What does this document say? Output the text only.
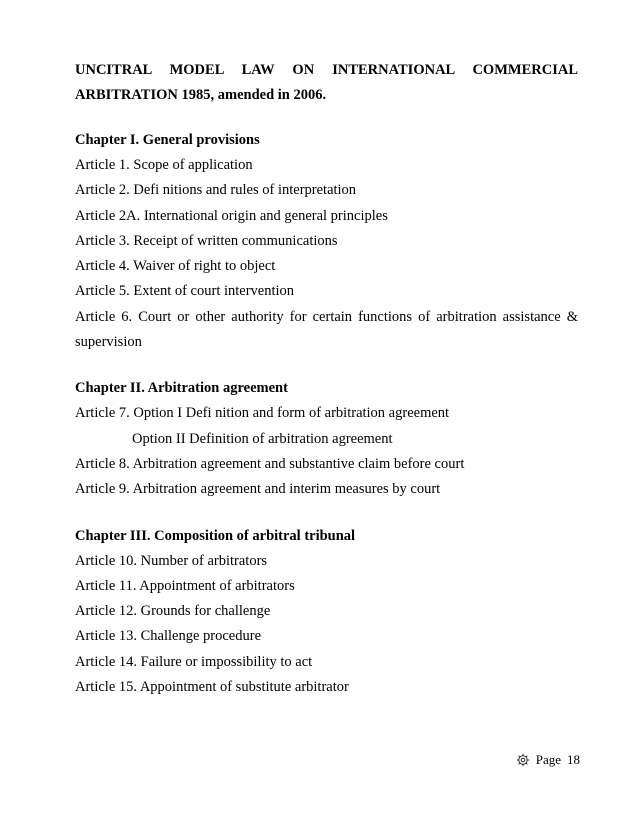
UNCITRAL MODEL LAW ON INTERNATIONAL COMMERCIAL

ARBITRATION 1985, amended in 2006.

Chapter I. General provisions

Article 1. Scope of application

Article 2. Defi nitions and rules of interpretation

Article 2A. International origin and general principles

Article 3. Receipt of written communications

Article 4. Waiver of right to object

Article 5. Extent of court intervention

Article 6. Court or other authority for certain functions of arbitration assistance &

supervision

Chapter II. Arbitration agreement

Article 7. Option I Defi nition and form of arbitration agreement

Option II Definition of arbitration agreement

Article 8. Arbitration agreement and substantive claim before court

Article 9. Arbitration agreement and interim measures by court

Chapter III. Composition of arbitral tribunal

Article 10. Number of arbitrators

Article 11. Appointment of arbitrators

Article 12. Grounds for challenge

Article 13. Challenge procedure

Article 14. Failure or impossibility to act

Article 15. Appointment of substitute arbitrator

Page 18
